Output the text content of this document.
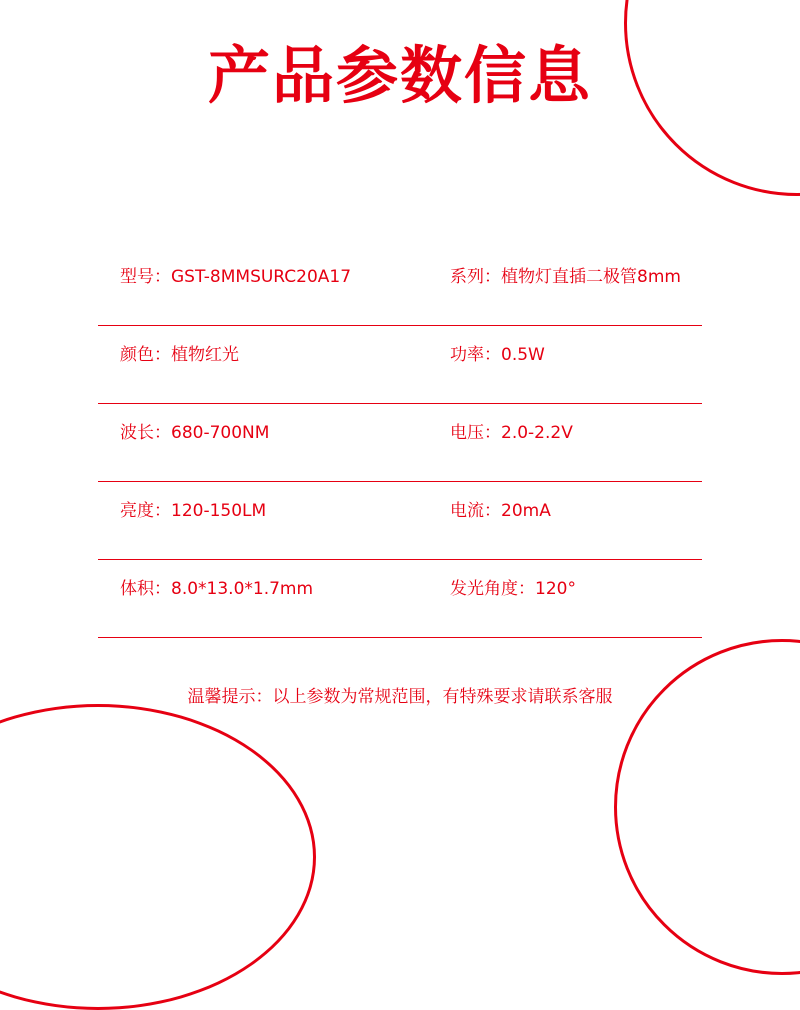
产品参数信息
型号：GST-8MMSURC20A17	系列：植物灯直插二极管8mm
颜色：植物红光	功率：0.5W
波长：680-700NM	电压：2.0-2.2V
亮度：120-150LM	电流：20mA
体积：8.0*13.0*1.7mm	发光角度：120°
温馨提示：以上参数为常规范围，有特殊要求请联系客服
